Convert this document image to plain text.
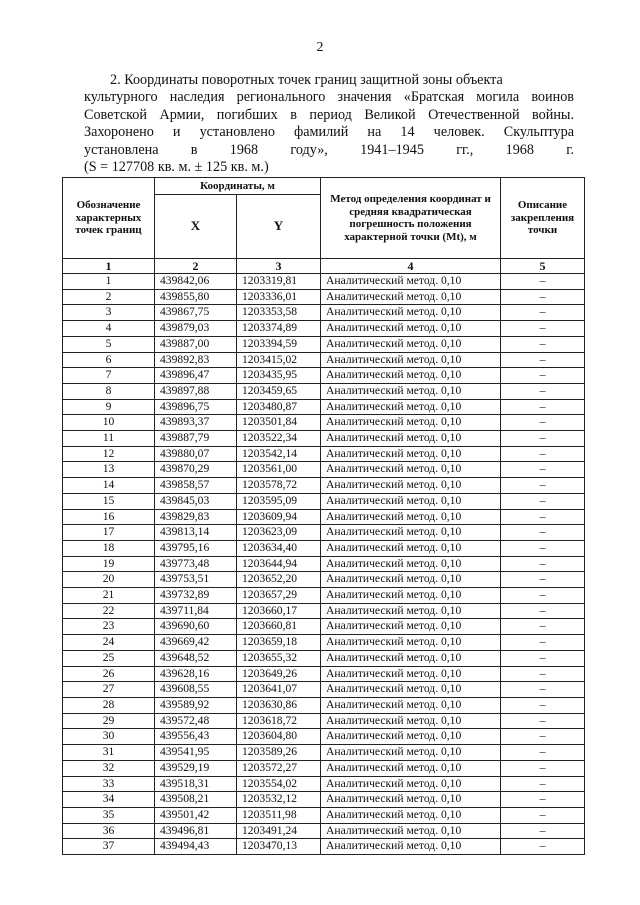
2
2. Координаты поворотных точек границ защитной зоны объекта
культурного наследия регионального значения «Братская могила воинов
Советской Армии, погибших в период Великой Отечественной войны.
Захоронено и установлено фамилий на 14 человек. Скульптура
установлена в 1968 году», 1941–1945 гг., 1968 г.
(S = 127708 кв. м. ± 125 кв. м.)
Обозначение характерных точек границ	Координаты, м		Метод определения координат и средняя квадратическая погрешность положения характерной точки (Mt), м	Описание закрепления точки
	X	Y		
1	2	3	4	5
1	439842,06	1203319,81	Аналитический метод. 0,10	–
2	439855,80	1203336,01	Аналитический метод. 0,10	–
3	439867,75	1203353,58	Аналитический метод. 0,10	–
4	439879,03	1203374,89	Аналитический метод. 0,10	–
5	439887,00	1203394,59	Аналитический метод. 0,10	–
6	439892,83	1203415,02	Аналитический метод. 0,10	–
7	439896,47	1203435,95	Аналитический метод. 0,10	–
8	439897,88	1203459,65	Аналитический метод. 0,10	–
9	439896,75	1203480,87	Аналитический метод. 0,10	–
10	439893,37	1203501,84	Аналитический метод. 0,10	–
11	439887,79	1203522,34	Аналитический метод. 0,10	–
12	439880,07	1203542,14	Аналитический метод. 0,10	–
13	439870,29	1203561,00	Аналитический метод. 0,10	–
14	439858,57	1203578,72	Аналитический метод. 0,10	–
15	439845,03	1203595,09	Аналитический метод. 0,10	–
16	439829,83	1203609,94	Аналитический метод. 0,10	–
17	439813,14	1203623,09	Аналитический метод. 0,10	–
18	439795,16	1203634,40	Аналитический метод. 0,10	–
19	439773,48	1203644,94	Аналитический метод. 0,10	–
20	439753,51	1203652,20	Аналитический метод. 0,10	–
21	439732,89	1203657,29	Аналитический метод. 0,10	–
22	439711,84	1203660,17	Аналитический метод. 0,10	–
23	439690,60	1203660,81	Аналитический метод. 0,10	–
24	439669,42	1203659,18	Аналитический метод. 0,10	–
25	439648,52	1203655,32	Аналитический метод. 0,10	–
26	439628,16	1203649,26	Аналитический метод. 0,10	–
27	439608,55	1203641,07	Аналитический метод. 0,10	–
28	439589,92	1203630,86	Аналитический метод. 0,10	–
29	439572,48	1203618,72	Аналитический метод. 0,10	–
30	439556,43	1203604,80	Аналитический метод. 0,10	–
31	439541,95	1203589,26	Аналитический метод. 0,10	–
32	439529,19	1203572,27	Аналитический метод. 0,10	–
33	439518,31	1203554,02	Аналитический метод. 0,10	–
34	439508,21	1203532,12	Аналитический метод. 0,10	–
35	439501,42	1203511,98	Аналитический метод. 0,10	–
36	439496,81	1203491,24	Аналитический метод. 0,10	–
37	439494,43	1203470,13	Аналитический метод. 0,10	–
